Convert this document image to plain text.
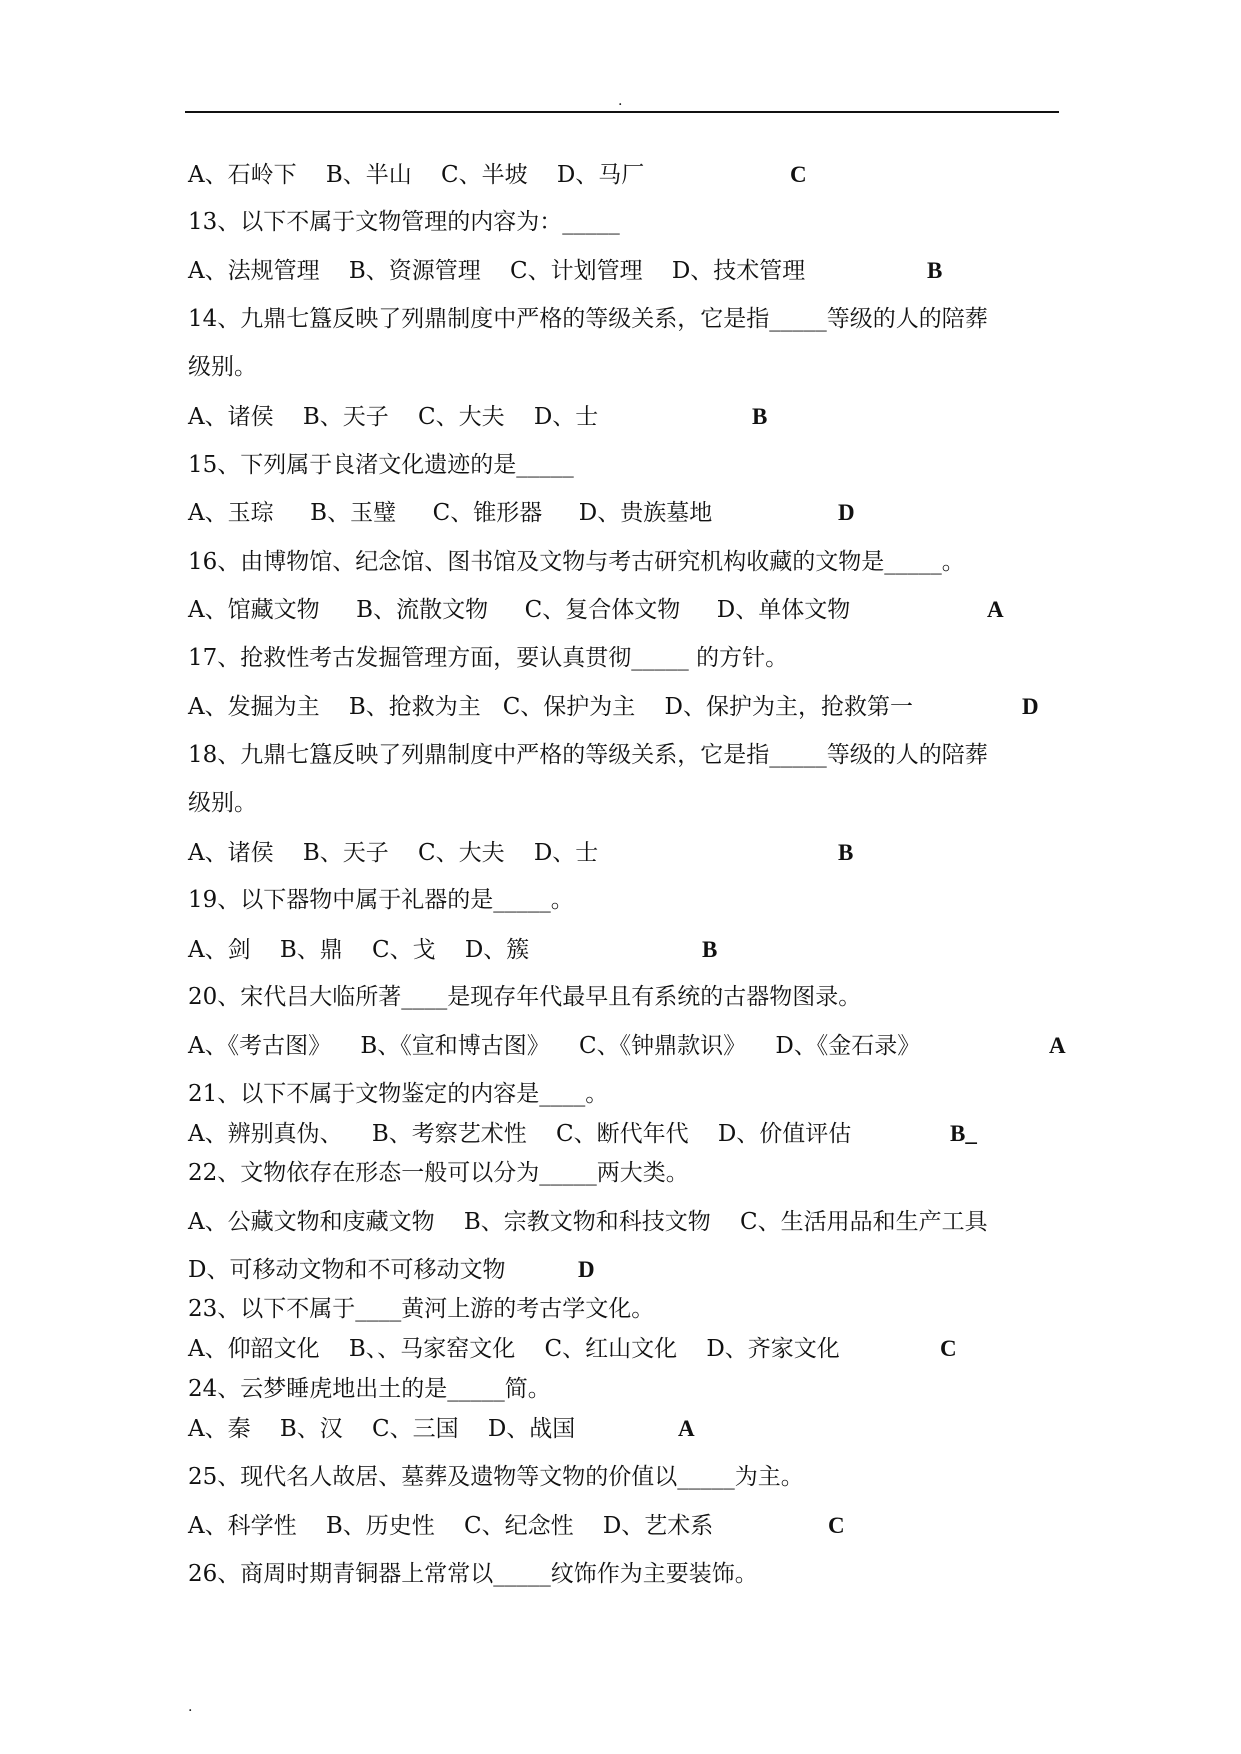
.
A、石岭下    B、半山    C、半坡    D、马厂	C
13、以下不属于文物管理的内容为：_____
A、法规管理    B、资源管理    C、计划管理    D、技术管理	B
14、九鼎七簋反映了列鼎制度中严格的等级关系，它是指_____等级的人的陪葬
级别。
A、诸侯    B、天子    C、大夫    D、士	B
15、下列属于良渚文化遗迹的是_____
A、玉琮     B、玉璧     C、锥形器     D、贵族墓地	D
16、由博物馆、纪念馆、图书馆及文物与考古研究机构收藏的文物是_____。
A、馆藏文物     B、流散文物     C、复合体文物     D、单体文物	A
17、抢救性考古发掘管理方面，要认真贯彻_____ 的方针。
A、发掘为主    B、抢救为主   C、保护为主    D、保护为主，抢救第一	D
18、九鼎七簋反映了列鼎制度中严格的等级关系，它是指_____等级的人的陪葬
级别。
A、诸侯    B、天子    C、大夫    D、士	B
19、以下器物中属于礼器的是_____。
A、剑    B、鼎    C、戈    D、簇	B
20、宋代吕大临所著____是现存年代最早且有系统的古器物图录。
A、《考古图》    B、《宣和博古图》    C、《钟鼎款识》    D、《金石录》	A
21、以下不属于文物鉴定的内容是____。
A、辨别真伪、    B、考察艺术性    C、断代年代    D、价值评估	B_
22、文物依存在形态一般可以分为_____两大类。
A、公藏文物和庋藏文物    B、宗教文物和科技文物    C、生活用品和生产工具
D、可移动文物和不可移动文物	D
23、以下不属于____黄河上游的考古学文化。
A、仰韶文化    B、、马家窑文化    C、红山文化    D、齐家文化	C
24、云梦睡虎地出土的是_____简。
A、秦    B、汉    C、三国    D、战国	A
25、现代名人故居、墓葬及遗物等文物的价值以_____为主。
A、科学性    B、历史性    C、纪念性    D、艺术系	C
26、商周时期青铜器上常常以_____纹饰作为主要装饰。
.
